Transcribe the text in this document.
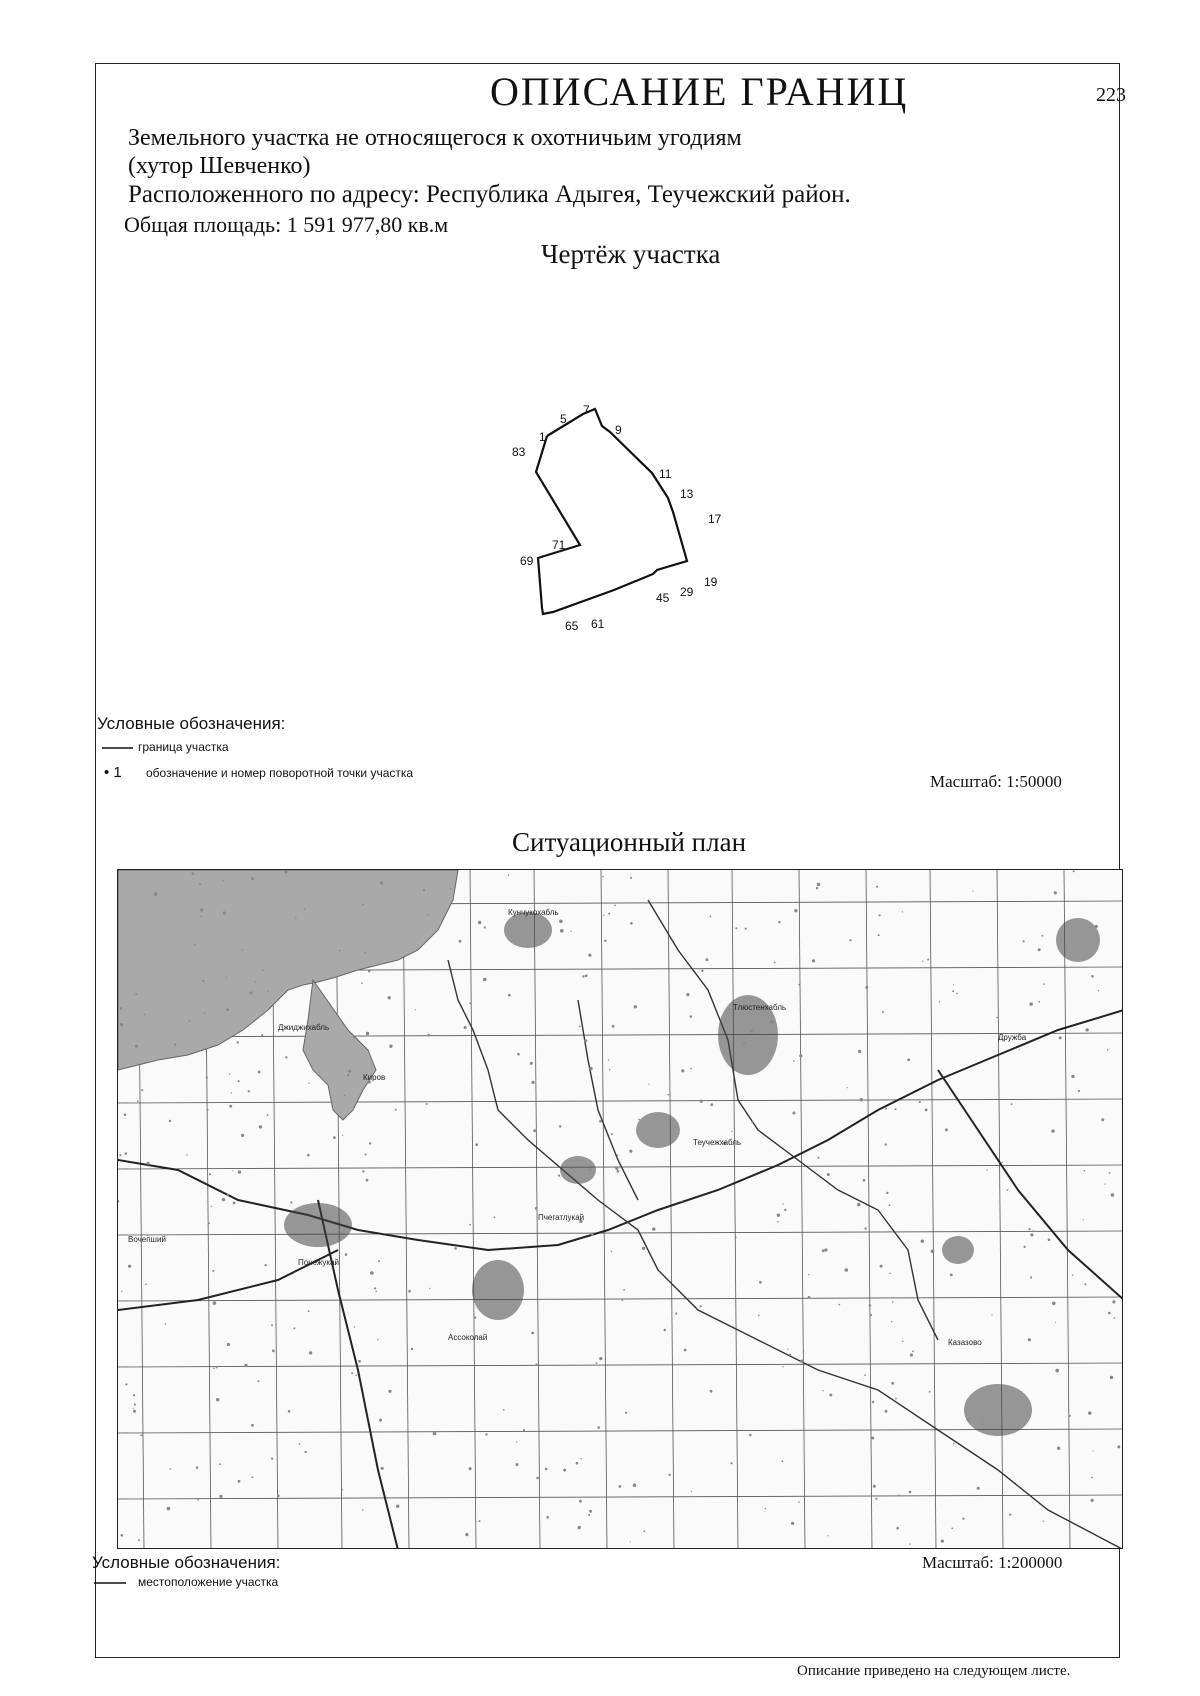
ОПИСАНИЕ ГРАНИЦ	223
Земельного участка не относящегося к охотничьим угодиям
(хутор Шевченко)
Расположенного по адресу: Республика Адыгея, Теучежский район.
Общая площадь: 1 591 977,80 кв.м
Чертёж участка
1
5
7
9
11
13
17
19
29
45
61
65
69
71
83
Условные обозначения:
граница участка
• 1 обозначение и номер поворотной точки участка	Масштаб: 1:50000
Ситуационный план
Джиджихабль
Понежукай
Теучежхабль
Ассоколай
Пчегатлукай
Вочепший
Казазово
Кунчукохабль
Тлюстенхабль
Дружба
Киров
Условные обозначения:
местоположение участка
Масштаб: 1:200000
Описание приведено на следующем листе.
